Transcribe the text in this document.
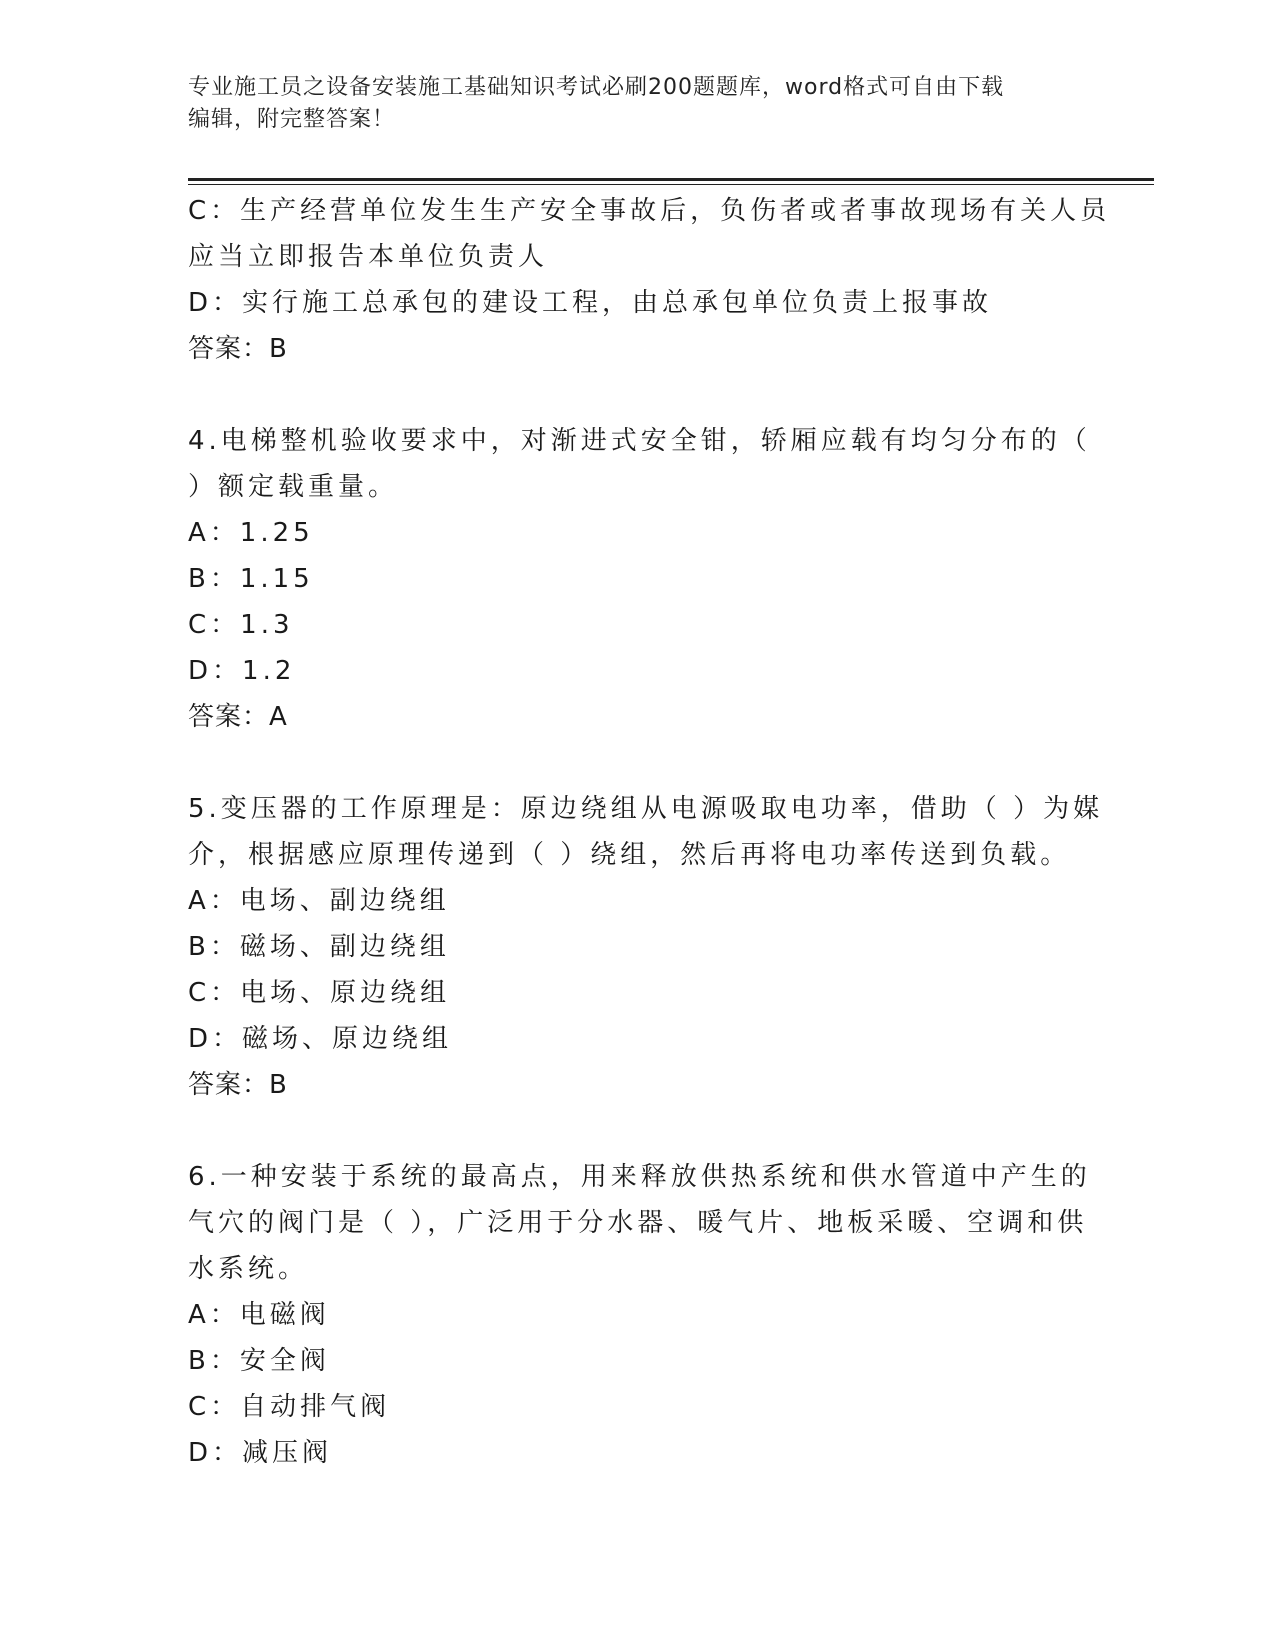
专业施工员之设备安装施工基础知识考试必刷200题题库，word格式可自由下载
编辑，附完整答案！
C：生产经营单位发生生产安全事故后，负伤者或者事故现场有关人员
应当立即报告本单位负责人
D：实行施工总承包的建设工程，由总承包单位负责上报事故
答案：B
4.电梯整机验收要求中，对渐进式安全钳，轿厢应载有均匀分布的（
）额定载重量。
A：1.25
B：1.15
C：1.3
D：1.2
答案：A
5.变压器的工作原理是：原边绕组从电源吸取电功率，借助（ ）为媒
介，根据感应原理传递到（ ）绕组，然后再将电功率传送到负载。
A：电场、副边绕组
B：磁场、副边绕组
C：电场、原边绕组
D：磁场、原边绕组
答案：B
6.一种安装于系统的最高点，用来释放供热系统和供水管道中产生的
气穴的阀门是（ ），广泛用于分水器、暖气片、地板采暖、空调和供
水系统。
A：电磁阀
B：安全阀
C：自动排气阀
D：减压阀
